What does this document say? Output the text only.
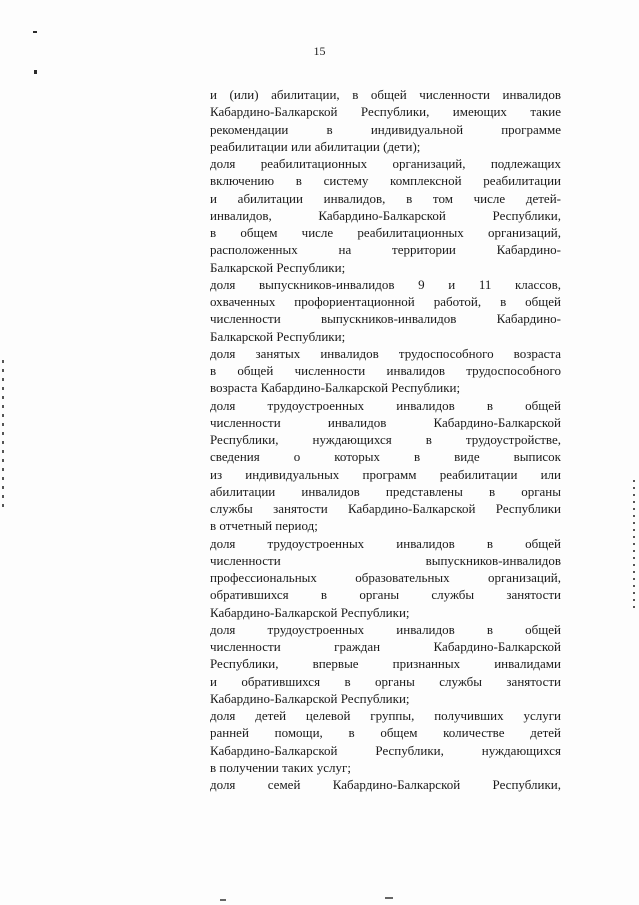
15
и (или) абилитации, в общей численности инвалидов
Кабардино-Балкарской Республики, имеющих такие
рекомендации в индивидуальной программе
реабилитации или абилитации (дети);
доля реабилитационных организаций, подлежащих
включению в систему комплексной реабилитации
и абилитации инвалидов, в том числе детей-
инвалидов, Кабардино-Балкарской Республики,
в общем числе реабилитационных организаций,
расположенных на территории Кабардино-
Балкарской Республики;
доля выпускников-инвалидов 9 и 11 классов,
охваченных профориентационной работой, в общей
численности выпускников-инвалидов Кабардино-
Балкарской Республики;
доля занятых инвалидов трудоспособного возраста
в общей численности инвалидов трудоспособного
возраста Кабардино-Балкарской Республики;
доля трудоустроенных инвалидов в общей
численности инвалидов Кабардино-Балкарской
Республики, нуждающихся в трудоустройстве,
сведения о которых в виде выписок
из индивидуальных программ реабилитации или
абилитации инвалидов представлены в органы
службы занятости Кабардино-Балкарской Республики
в отчетный период;
доля трудоустроенных инвалидов в общей
численности выпускников-инвалидов
профессиональных образовательных организаций,
обратившихся в органы службы занятости
Кабардино-Балкарской Республики;
доля трудоустроенных инвалидов в общей
численности граждан Кабардино-Балкарской
Республики, впервые признанных инвалидами
и обратившихся в органы службы занятости
Кабардино-Балкарской Республики;
доля детей целевой группы, получивших услуги
ранней помощи, в общем количестве детей
Кабардино-Балкарской Республики, нуждающихся
в получении таких услуг;
доля семей Кабардино-Балкарской Республики,
